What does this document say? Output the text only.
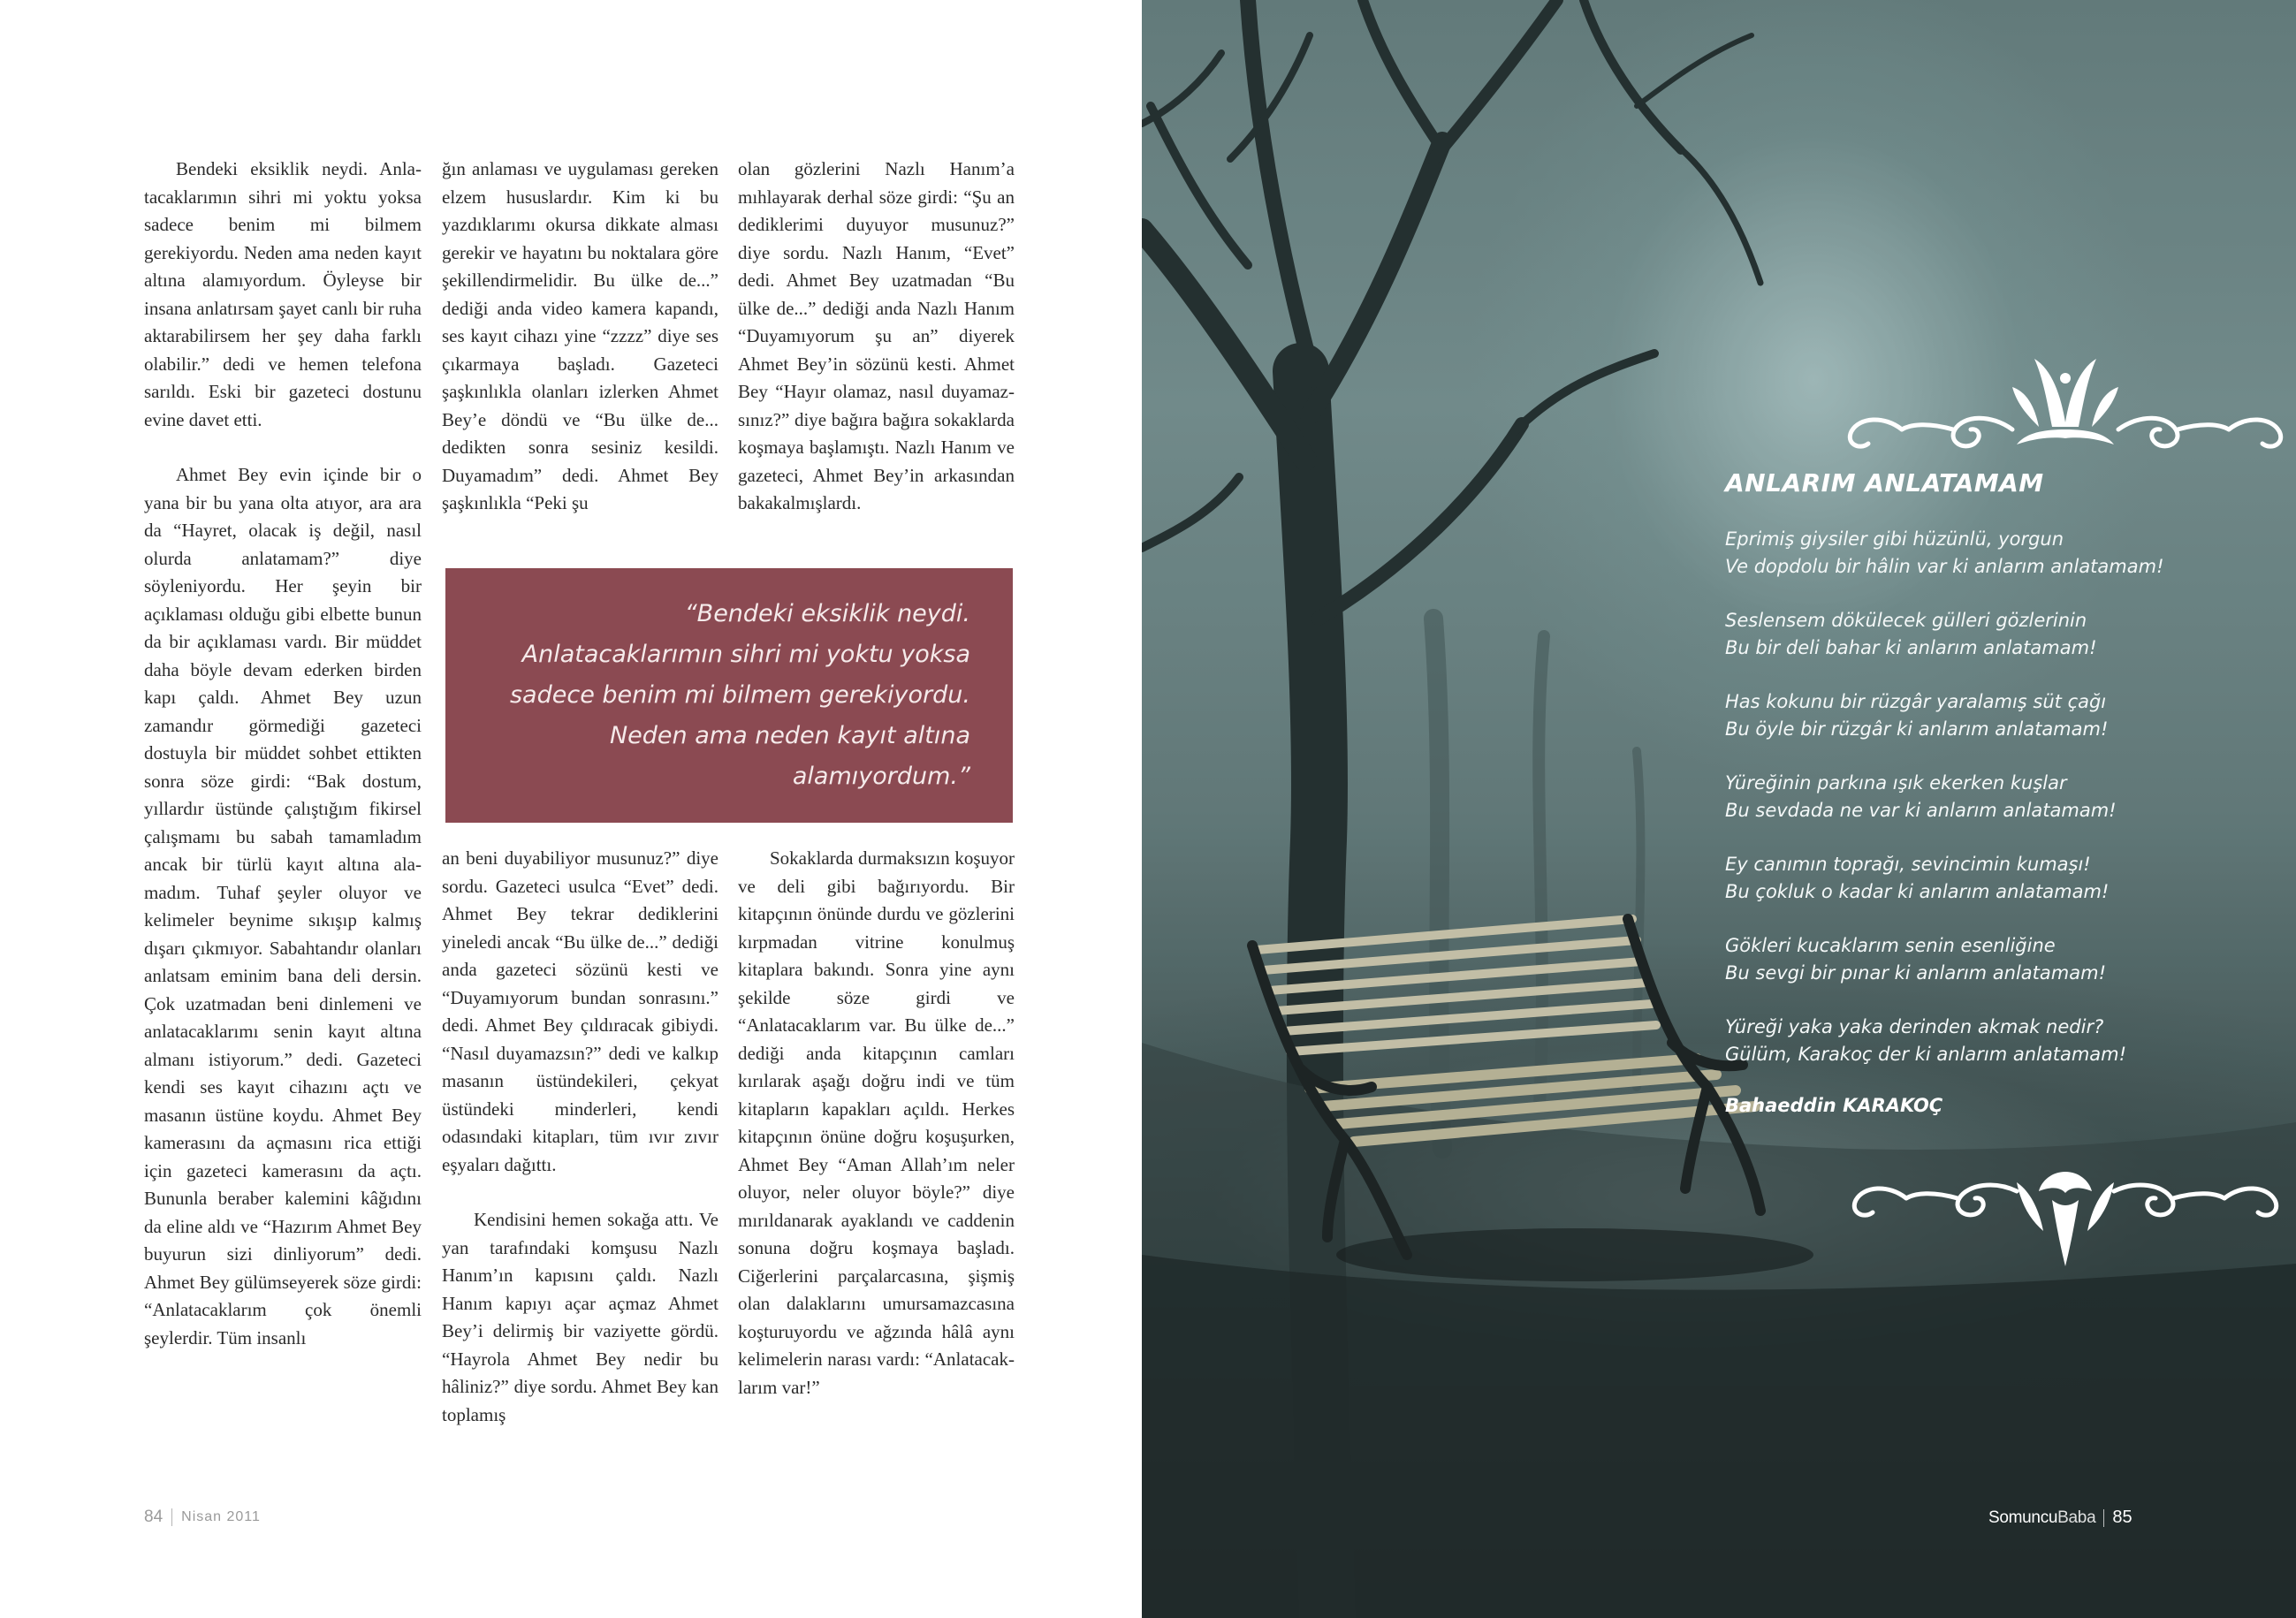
Bendeki eksiklik neydi. Anlatacaklarımın sihri mi yoktu yoksa sadece benim mi bilmem gerekiyordu. Neden ama neden kayıt altına alamıyordum. Öyleyse bir insana anlatırsam şayet canlı bir ruha aktarabilirsem her şey daha farklı olabilir.” dedi ve hemen telefona sarıldı. Eski bir gazeteci dostunu evine davet etti.

Ahmet Bey evin içinde bir o yana bir bu yana olta atıyor, ara ara da “Hayret, olacak iş değil, nasıl olurda anlatamam?” diye söyleniyordu. Her şeyin bir açıklaması olduğu gibi elbette bunun da bir açıklaması vardı. Bir müddet daha böyle devam ederken birden kapı çaldı. Ahmet Bey uzun zamandır görmediği gazeteci dostuyla bir müddet sohbet ettikten sonra söze girdi: “Bak dostum, yıllardır üstünde çalıştığım fikirsel çalışmamı bu sabah tamamladım ancak bir türlü kayıt altına alamadım. Tuhaf şeyler oluyor ve kelimeler beynime sıkışıp kalmış dışarı çıkmıyor. Sabahtandır olanları anlatsam eminim bana deli dersin. Çok uzatmadan beni dinlemeni ve anlatacaklarımı senin kayıt altına almanı istiyorum.” dedi. Gazeteci kendi ses kayıt cihazını açtı ve masanın üstüne koydu. Ahmet Bey kamerasını da açmasını rica ettiği için gazeteci kamerasını da açtı. Bununla beraber kalemini kâğıdını da eline aldı ve “Hazırım Ahmet Bey buyurun sizi dinliyorum” dedi. Ahmet Bey gülümseyerek söze girdi: “Anlatacaklarım çok önemli şeylerdir. Tüm insanlı

ğın anlaması ve uygulaması gereken elzem hususlardır. Kim ki bu yazdıklarımı okursa dikkate alması gerekir ve hayatını bu noktalara göre şekillendirmelidir. Bu ülke de...” dediği anda video kamera kapandı, ses kayıt cihazı yine “zzzz” diye ses çıkarmaya başladı. Gazeteci şaşkınlıkla olanları izlerken Ahmet Bey’e döndü ve “Bu ülke de... dedikten sonra sesiniz kesildi. Duyamadım” dedi. Ahmet Bey şaşkınlıkla “Peki şu

olan gözlerini Nazlı Hanım’a mıhlayarak derhal söze girdi: “Şu an dediklerimi duyuyor musunuz?” diye sordu. Nazlı Hanım, “Evet” dedi. Ahmet Bey uzatmadan “Bu ülke de...” dediği anda Nazlı Hanım “Duyamıyorum şu an” diyerek Ahmet Bey’in sözünü kesti. Ahmet Bey “Hayır olamaz, nasıl duyamazsınız?” diye bağıra bağıra sokaklarda koşmaya başlamıştı. Nazlı Hanım ve gazeteci, Ahmet Bey’in arkasından bakakalmışlardı.

“Bendeki eksiklik neydi. Anlatacaklarımın sihri mi yoktu yoksa sadece benim mi bilmem gerekiyordu. Neden ama neden kayıt altına alamıyordum.”

an beni duyabiliyor musunuz?” diye sordu. Gazeteci usulca “Evet” dedi. Ahmet Bey tekrar dediklerini yineledi ancak “Bu ülke de...” dediği anda gazeteci sözünü kesti ve “Duyamıyorum bundan sonrasını.” dedi. Ahmet Bey çıldıracak gibiydi. “Nasıl duyamazsın?” dedi ve kalkıp masanın üstündekileri, çekyat üstündeki minderleri, kendi odasındaki kitapları, tüm ıvır zıvır eşyaları dağıttı.

Kendisini hemen sokağa attı. Ve yan tarafındaki komşusu Nazlı Hanım’ın kapısını çaldı. Nazlı Hanım kapıyı açar açmaz Ahmet Bey’i delirmiş bir vaziyette gördü. “Hayrola Ahmet Bey nedir bu hâliniz?” diye sordu. Ahmet Bey kan toplamış

Sokaklarda durmaksızın koşuyor ve deli gibi bağırıyordu. Bir kitapçının önünde durdu ve gözlerini kırpmadan vitrine konulmuş kitaplara bakındı. Sonra yine aynı şekilde söze girdi ve “Anlatacaklarım var. Bu ülke de...” dediği anda kitapçının camları kırılarak aşağı doğru indi ve tüm kitapların kapakları açıldı. Herkes kitapçının önüne doğru koşuşurken, Ahmet Bey “Aman Allah’ım neler oluyor, neler oluyor böyle?” diye mırıldanarak ayaklandı ve caddenin sonuna doğru koşmaya başladı. Ciğerlerini parçalarcasına, şişmiş olan dalaklarını umursamazcasına koşturuyordu ve ağzında hâlâ aynı kelimelerin narası vardı: “Anlatacaklarım var!”

84 Nisan 2011
ANLARIM ANLATAMAM
Eprimiş giysiler gibi hüzünlü, yorgun
Ve dopdolu bir hâlin var ki anlarım anlatamam!
Seslensem dökülecek gülleri gözlerinin
Bu bir deli bahar ki anlarım anlatamam!
Has kokunu bir rüzgâr yaralamış süt çağı
Bu öyle bir rüzgâr ki anlarım anlatamam!
Yüreğinin parkına ışık ekerken kuşlar
Bu sevdada ne var ki anlarım anlatamam!
Ey canımın toprağı, sevincimin kumaşı!
Bu çokluk o kadar ki anlarım anlatamam!
Gökleri kucaklarım senin esenliğine
Bu sevgi bir pınar ki anlarım anlatamam!
Yüreği yaka yaka derinden akmak nedir?
Gülüm, Karakoç der ki anlarım anlatamam!
Bahaeddin KARAKOÇ
SomuncuBaba 85
